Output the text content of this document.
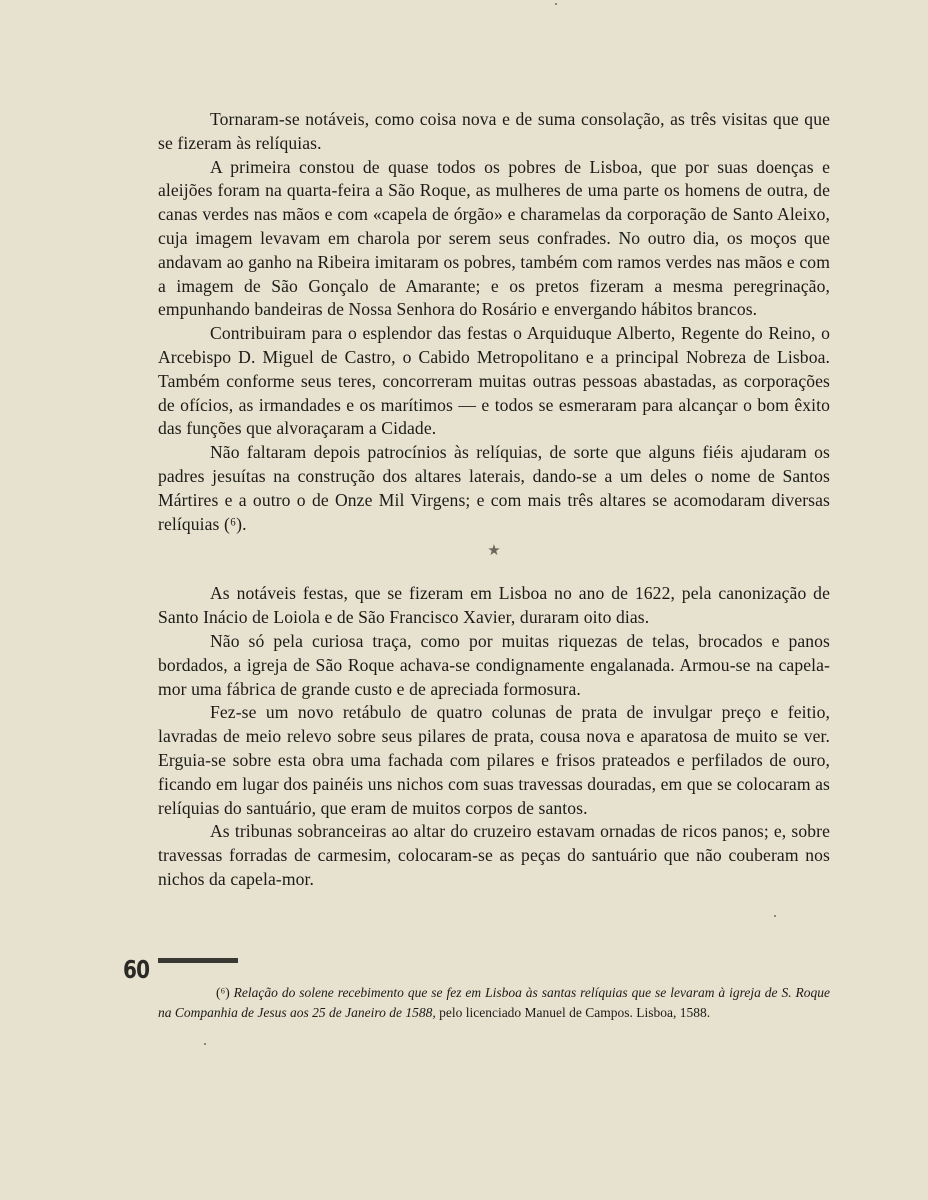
Tornaram-se notáveis, como coisa nova e de suma consolação, as três visitas que que se fizeram às relíquias.

A primeira constou de quase todos os pobres de Lisboa, que por suas doenças e aleijões foram na quarta-feira a São Roque, as mulheres de uma parte os homens de outra, de canas verdes nas mãos e com «capela de órgão» e charamelas da corporação de Santo Aleixo, cuja imagem levavam em charola por serem seus confrades. No outro dia, os moços que andavam ao ganho na Ribeira imitaram os pobres, também com ramos verdes nas mãos e com a imagem de São Gonçalo de Amarante; e os pretos fizeram a mesma peregrinação, empunhando bandeiras de Nossa Senhora do Rosário e envergando hábitos brancos.

Contribuiram para o esplendor das festas o Arquiduque Alberto, Regente do Reino, o Arcebispo D. Miguel de Castro, o Cabido Metropolitano e a principal Nobreza de Lisboa. Também conforme seus teres, concorreram muitas outras pessoas abastadas, as corporações de ofícios, as irmandades e os marítimos — e todos se esmeraram para alcançar o bom êxito das funções que alvoraçaram a Cidade.

Não faltaram depois patrocínios às relíquias, de sorte que alguns fiéis ajudaram os padres jesuítas na construção dos altares laterais, dando-se a um deles o nome de Santos Mártires e a outro o de Onze Mil Virgens; e com mais três altares se acomodaram diversas relíquias (⁶).

★

As notáveis festas, que se fizeram em Lisboa no ano de 1622, pela canonização de Santo Inácio de Loiola e de São Francisco Xavier, duraram oito dias.

Não só pela curiosa traça, como por muitas riquezas de telas, brocados e panos bordados, a igreja de São Roque achava-se condignamente engalanada. Armou-se na capela-mor uma fábrica de grande custo e de apreciada formosura.

Fez-se um novo retábulo de quatro colunas de prata de invulgar preço e feitio, lavradas de meio relevo sobre seus pilares de prata, cousa nova e aparatosa de muito se ver. Erguia-se sobre esta obra uma fachada com pilares e frisos prateados e perfilados de ouro, ficando em lugar dos painéis uns nichos com suas travessas douradas, em que se colocaram as relíquias do santuário, que eram de muitos corpos de santos.

As tribunas sobranceiras ao altar do cruzeiro estavam ornadas de ricos panos; e, sobre travessas forradas de carmesim, colocaram-se as peças do santuário que não couberam nos nichos da capela-mor.

60
(⁶) Relação do solene recebimento que se fez em Lisboa às santas relíquias que se levaram à igreja de S. Roque na Companhia de Jesus aos 25 de Janeiro de 1588, pelo licenciado Manuel de Campos. Lisboa, 1588.
